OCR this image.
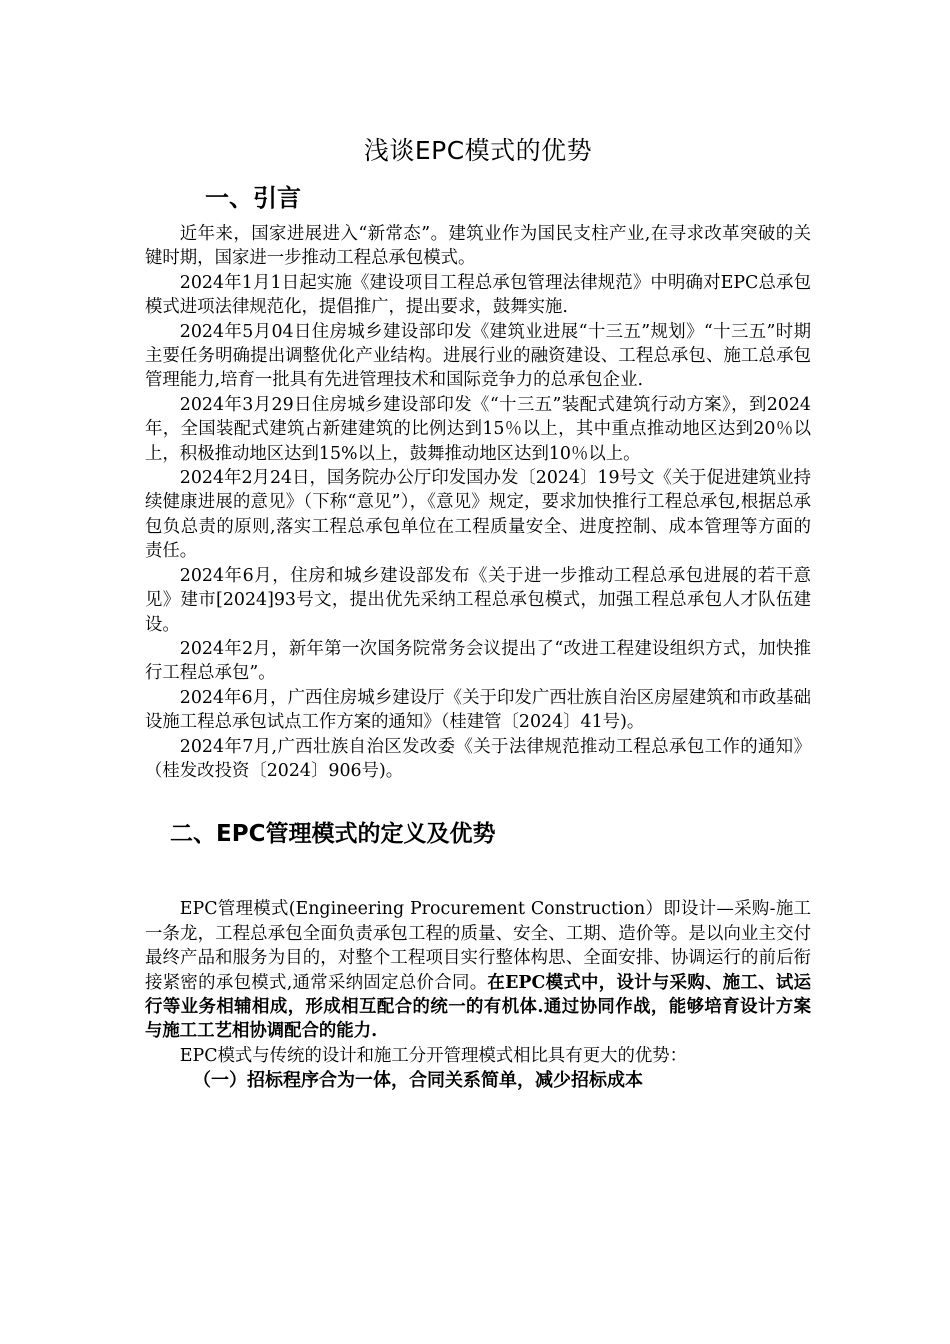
浅谈EPC模式的优势
一、引言

近年来，国家进展进入“新常态”。建筑业作为国民支柱产业,在寻求改革突破的关键时期，国家进一步推动工程总承包模式。

2024年1月1日起实施《建设项目工程总承包管理法律规范》中明确对EPC总承包模式进项法律规范化，提倡推广，提出要求，鼓舞实施.

2024年5月04日住房城乡建设部印发《建筑业进展“十三五”规划》“十三五”时期主要任务明确提出调整优化产业结构。进展行业的融资建设、工程总承包、施工总承包管理能力,培育一批具有先进管理技术和国际竞争力的总承包企业.

2024年3月29日住房城乡建设部印发《“十三五”装配式建筑行动方案》，到2024年，全国装配式建筑占新建建筑的比例达到15％以上，其中重点推动地区达到20％以上，积极推动地区达到15%以上，鼓舞推动地区达到10％以上。

2024年2月24日，国务院办公厅印发国办发〔2024〕19号文《关于促进建筑业持续健康进展的意见》（下称“意见”），《意见》规定，要求加快推行工程总承包,根据总承包负总责的原则,落实工程总承包单位在工程质量安全、进度控制、成本管理等方面的责任。

2024年6月，住房和城乡建设部发布《关于进一步推动工程总承包进展的若干意见》建市[2024]93号文，提出优先采纳工程总承包模式，加强工程总承包人才队伍建设。

2024年2月，新年第一次国务院常务会议提出了“改进工程建设组织方式，加快推行工程总承包”。

2024年6月，广西住房城乡建设厅《关于印发广西壮族自治区房屋建筑和市政基础设施工程总承包试点工作方案的通知》（桂建管〔2024〕41号)。

2024年7月,广西壮族自治区发改委《关于法律规范推动工程总承包工作的通知》（桂发改投资〔2024〕906号)。

二、EPC管理模式的定义及优势

EPC管理模式(Engineering Procurement Construction）即设计—采购-施工一条龙，工程总承包全面负责承包工程的质量、安全、工期、造价等。是以向业主交付最终产品和服务为目的，对整个工程项目实行整体构思、全面安排、协调运行的前后衔接紧密的承包模式,通常采纳固定总价合同。在EPC模式中，设计与采购、施工、试运行等业务相辅相成，形成相互配合的统一的有机体.通过协同作战，能够培育设计方案与施工工艺相协调配合的能力.

EPC模式与传统的设计和施工分开管理模式相比具有更大的优势：

（一）招标程序合为一体，合同关系简单，减少招标成本
